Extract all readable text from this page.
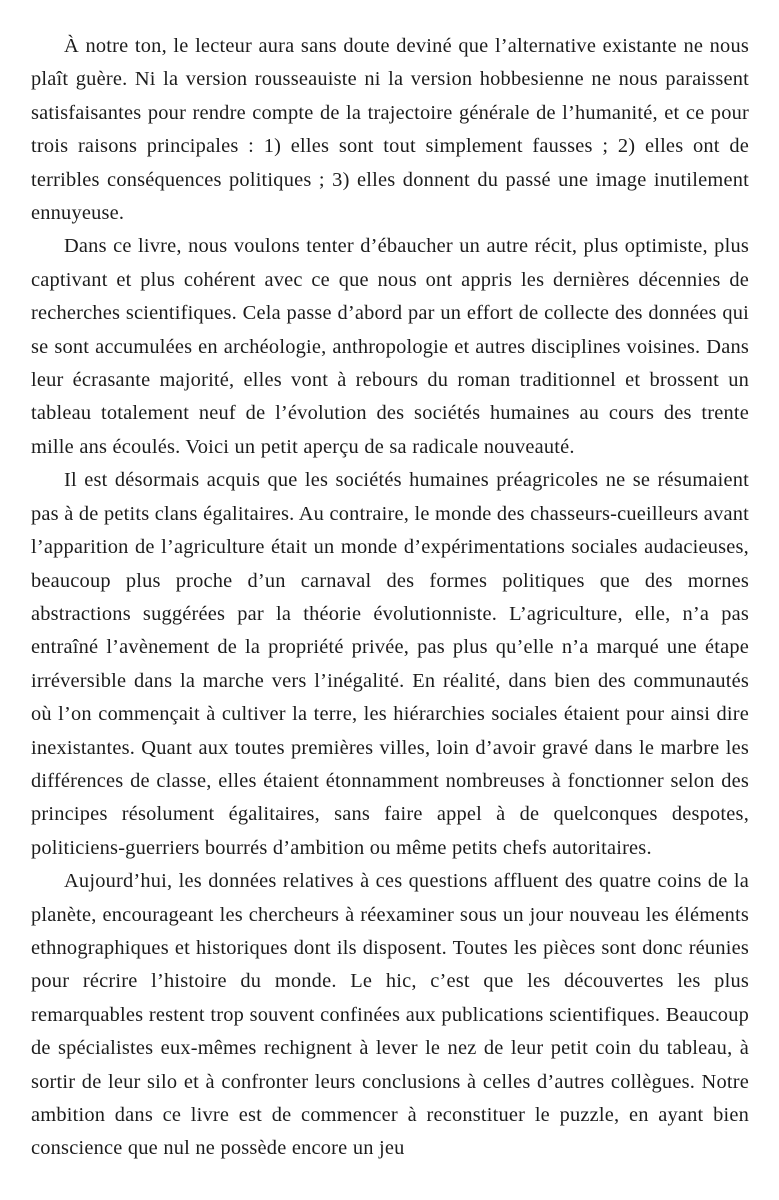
À notre ton, le lecteur aura sans doute deviné que l’alternative existante ne nous plaît guère. Ni la version rousseauiste ni la version hobbesienne ne nous paraissent satisfaisantes pour rendre compte de la trajectoire générale de l’humanité, et ce pour trois raisons principales : 1) elles sont tout simplement fausses ; 2) elles ont de terribles conséquences politiques ; 3) elles donnent du passé une image inutilement ennuyeuse.

Dans ce livre, nous voulons tenter d’ébaucher un autre récit, plus optimiste, plus captivant et plus cohérent avec ce que nous ont appris les dernières décennies de recherches scientifiques. Cela passe d’abord par un effort de collecte des données qui se sont accumulées en archéologie, anthropologie et autres disciplines voisines. Dans leur écrasante majorité, elles vont à rebours du roman traditionnel et brossent un tableau totalement neuf de l’évolution des sociétés humaines au cours des trente mille ans écoulés. Voici un petit aperçu de sa radicale nouveauté.

Il est désormais acquis que les sociétés humaines préagricoles ne se résumaient pas à de petits clans égalitaires. Au contraire, le monde des chasseurs-cueilleurs avant l’apparition de l’agriculture était un monde d’expérimentations sociales audacieuses, beaucoup plus proche d’un carnaval des formes politiques que des mornes abstractions suggérées par la théorie évolutionniste. L’agriculture, elle, n’a pas entraîné l’avènement de la propriété privée, pas plus qu’elle n’a marqué une étape irréversible dans la marche vers l’inégalité. En réalité, dans bien des communautés où l’on commençait à cultiver la terre, les hiérarchies sociales étaient pour ainsi dire inexistantes. Quant aux toutes premières villes, loin d’avoir gravé dans le marbre les différences de classe, elles étaient étonnamment nombreuses à fonctionner selon des principes résolument égalitaires, sans faire appel à de quelconques despotes, politiciens-guerriers bourrés d’ambition ou même petits chefs autoritaires.

Aujourd’hui, les données relatives à ces questions affluent des quatre coins de la planète, encourageant les chercheurs à réexaminer sous un jour nouveau les éléments ethnographiques et historiques dont ils disposent. Toutes les pièces sont donc réunies pour récrire l’histoire du monde. Le hic, c’est que les découvertes les plus remarquables restent trop souvent confinées aux publications scientifiques. Beaucoup de spécialistes eux-mêmes rechignent à lever le nez de leur petit coin du tableau, à sortir de leur silo et à confronter leurs conclusions à celles d’autres collègues. Notre ambition dans ce livre est de commencer à reconstituer le puzzle, en ayant bien conscience que nul ne possède encore un jeu
